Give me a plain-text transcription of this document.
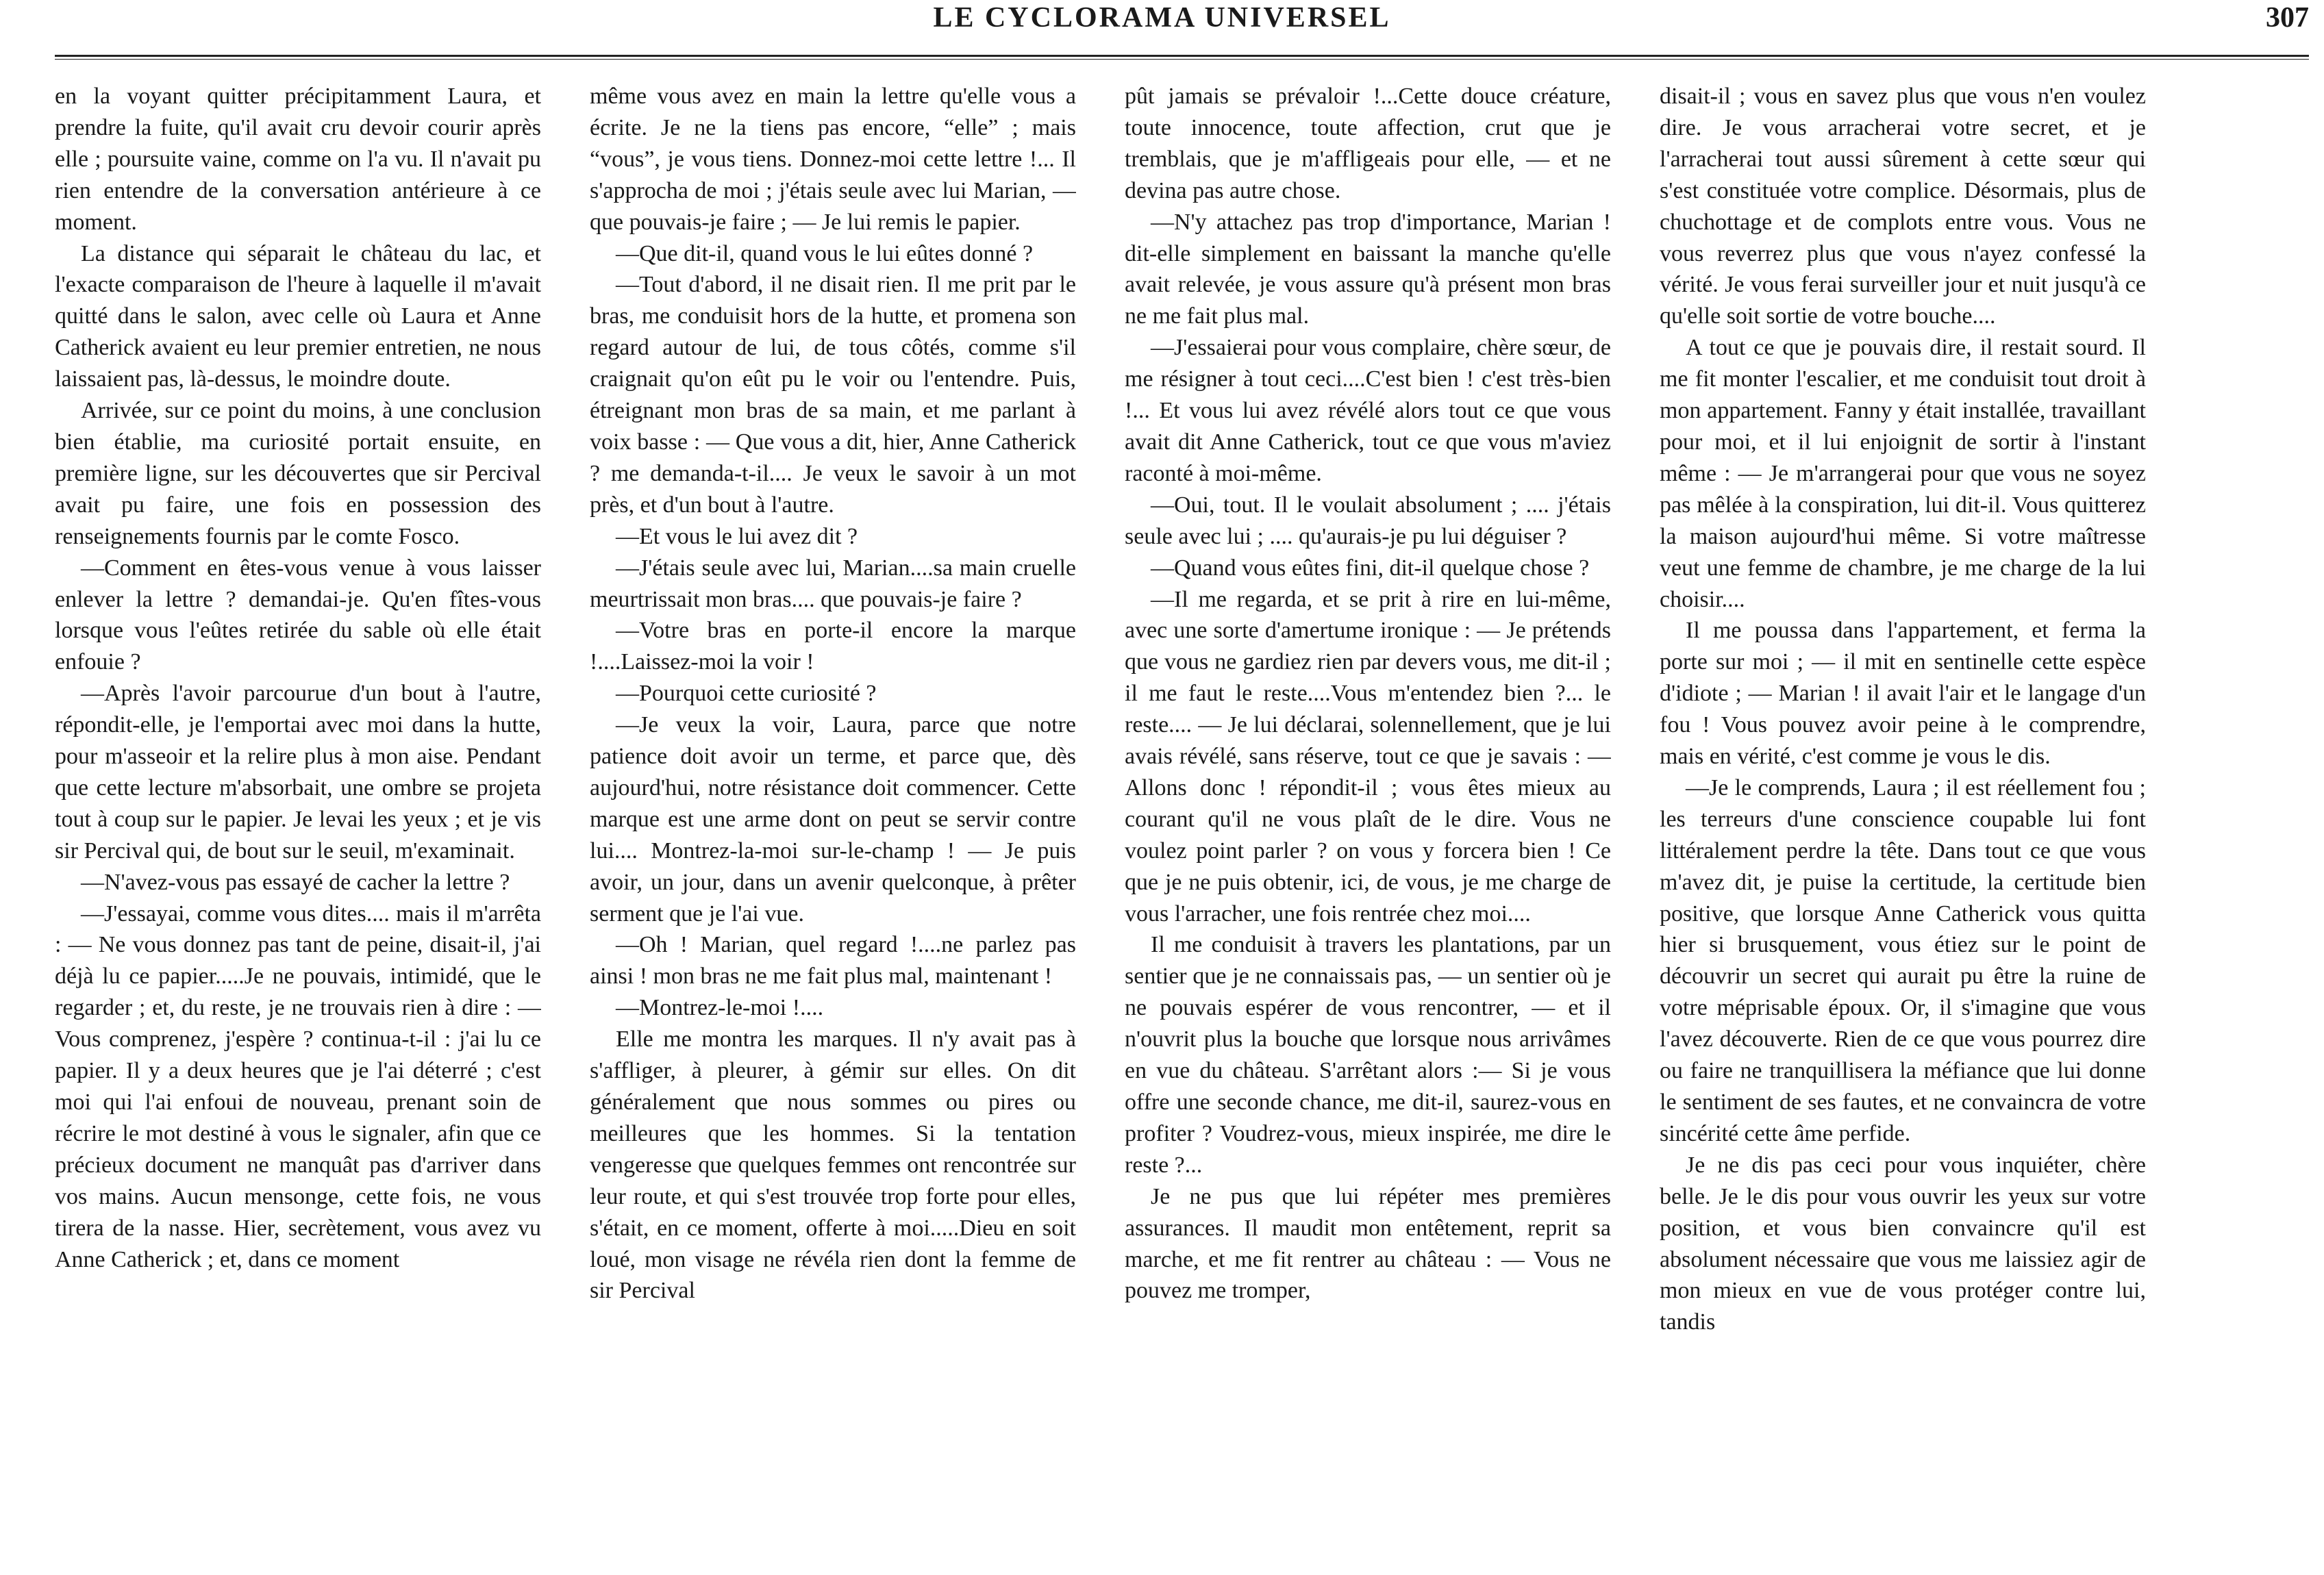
LE CYCLORAMA UNIVERSEL	307

en la voyant quitter précipitamment Laura, et prendre la fuite, qu'il avait cru devoir courir après elle ; poursuite vaine, comme on l'a vu. Il n'avait pu rien entendre de la conversation antérieure à ce moment.

La distance qui séparait le château du lac, et l'exacte comparaison de l'heure à laquelle il m'avait quitté dans le salon, avec celle où Laura et Anne Catherick avaient eu leur premier entretien, ne nous laissaient pas, là-dessus, le moindre doute.

Arrivée, sur ce point du moins, à une conclusion bien établie, ma curiosité portait ensuite, en première ligne, sur les découvertes que sir Percival avait pu faire, une fois en possession des renseignements fournis par le comte Fosco.

—Comment en êtes-vous venue à vous laisser enlever la lettre ? demandai-je. Qu'en fîtes-vous lorsque vous l'eûtes retirée du sable où elle était enfouie ?

—Après l'avoir parcourue d'un bout à l'autre, répondit-elle, je l'emportai avec moi dans la hutte, pour m'asseoir et la relire plus à mon aise. Pendant que cette lecture m'absorbait, une ombre se projeta tout à coup sur le papier. Je levai les yeux ; et je vis sir Percival qui, de bout sur le seuil, m'examinait.

—N'avez-vous pas essayé de cacher la lettre ?

—J'essayai, comme vous dites.... mais il m'arrêta : — Ne vous donnez pas tant de peine, disait-il, j'ai déjà lu ce papier.....Je ne pouvais, intimidé, que le regarder ; et, du reste, je ne trouvais rien à dire : — Vous comprenez, j'espère ? continua-t-il : j'ai lu ce papier. Il y a deux heures que je l'ai déterré ; c'est moi qui l'ai enfoui de nouveau, prenant soin de récrire le mot destiné à vous le signaler, afin que ce précieux document ne manquât pas d'arriver dans vos mains. Aucun mensonge, cette fois, ne vous tirera de la nasse. Hier, secrètement, vous avez vu Anne Catherick ; et, dans ce moment

même vous avez en main la lettre qu'elle vous a écrite. Je ne la tiens pas encore, “elle” ; mais “vous”, je vous tiens. Donnez-moi cette lettre !... Il s'approcha de moi ; j'étais seule avec lui Marian, — que pouvais-je faire ; — Je lui remis le papier.

—Que dit-il, quand vous le lui eûtes donné ?

—Tout d'abord, il ne disait rien. Il me prit par le bras, me conduisit hors de la hutte, et promena son regard autour de lui, de tous côtés, comme s'il craignait qu'on eût pu le voir ou l'entendre. Puis, étreignant mon bras de sa main, et me parlant à voix basse : — Que vous a dit, hier, Anne Catherick ? me demanda-t-il.... Je veux le savoir à un mot près, et d'un bout à l'autre.

—Et vous le lui avez dit ?

—J'étais seule avec lui, Marian....sa main cruelle meurtrissait mon bras.... que pouvais-je faire ?

—Votre bras en porte-il encore la marque !....Laissez-moi la voir !

—Pourquoi cette curiosité ?

—Je veux la voir, Laura, parce que notre patience doit avoir un terme, et parce que, dès aujourd'hui, notre résistance doit commencer. Cette marque est une arme dont on peut se servir contre lui.... Montrez-la-moi sur-le-champ ! — Je puis avoir, un jour, dans un avenir quelconque, à prêter serment que je l'ai vue.

—Oh ! Marian, quel regard !....ne parlez pas ainsi ! mon bras ne me fait plus mal, maintenant !

—Montrez-le-moi !....

Elle me montra les marques. Il n'y avait pas à s'affliger, à pleurer, à gémir sur elles. On dit généralement que nous sommes ou pires ou meilleures que les hommes. Si la tentation vengeresse que quelques femmes ont rencontrée sur leur route, et qui s'est trouvée trop forte pour elles, s'était, en ce moment, offerte à moi.....Dieu en soit loué, mon visage ne révéla rien dont la femme de sir Percival

pût jamais se prévaloir !...Cette douce créature, toute innocence, toute affection, crut que je tremblais, que je m'affligeais pour elle, — et ne devina pas autre chose.

—N'y attachez pas trop d'importance, Marian ! dit-elle simplement en baissant la manche qu'elle avait relevée, je vous assure qu'à présent mon bras ne me fait plus mal.

—J'essaierai pour vous complaire, chère sœur, de me résigner à tout ceci....C'est bien ! c'est très-bien !... Et vous lui avez révélé alors tout ce que vous avait dit Anne Catherick, tout ce que vous m'aviez raconté à moi-même.

—Oui, tout. Il le voulait absolument ; .... j'étais seule avec lui ; .... qu'aurais-je pu lui déguiser ?

—Quand vous eûtes fini, dit-il quelque chose ?

—Il me regarda, et se prit à rire en lui-même, avec une sorte d'amertume ironique : — Je prétends que vous ne gardiez rien par devers vous, me dit-il ; il me faut le reste....Vous m'entendez bien ?... le reste.... — Je lui déclarai, solennellement, que je lui avais révélé, sans réserve, tout ce que je savais : — Allons donc ! répondit-il ; vous êtes mieux au courant qu'il ne vous plaît de le dire. Vous ne voulez point parler ? on vous y forcera bien ! Ce que je ne puis obtenir, ici, de vous, je me charge de vous l'arracher, une fois rentrée chez moi....

Il me conduisit à travers les plantations, par un sentier que je ne connaissais pas, — un sentier où je ne pouvais espérer de vous rencontrer, — et il n'ouvrit plus la bouche que lorsque nous arrivâmes en vue du château. S'arrêtant alors :— Si je vous offre une seconde chance, me dit-il, saurez-vous en profiter ? Voudrez-vous, mieux inspirée, me dire le reste ?...

Je ne pus que lui répéter mes premières assurances. Il maudit mon entêtement, reprit sa marche, et me fit rentrer au château : — Vous ne pouvez me tromper,

disait-il ; vous en savez plus que vous n'en voulez dire. Je vous arracherai votre secret, et je l'arracherai tout aussi sûrement à cette sœur qui s'est constituée votre complice. Désormais, plus de chuchottage et de complots entre vous. Vous ne vous reverrez plus que vous n'ayez confessé la vérité. Je vous ferai surveiller jour et nuit jusqu'à ce qu'elle soit sortie de votre bouche....

A tout ce que je pouvais dire, il restait sourd. Il me fit monter l'escalier, et me conduisit tout droit à mon appartement. Fanny y était installée, travaillant pour moi, et il lui enjoignit de sortir à l'instant même : — Je m'arrangerai pour que vous ne soyez pas mêlée à la conspiration, lui dit-il. Vous quitterez la maison aujourd'hui même. Si votre maîtresse veut une femme de chambre, je me charge de la lui choisir....

Il me poussa dans l'appartement, et ferma la porte sur moi ; — il mit en sentinelle cette espèce d'idiote ; — Marian ! il avait l'air et le langage d'un fou ! Vous pouvez avoir peine à le comprendre, mais en vérité, c'est comme je vous le dis.

—Je le comprends, Laura ; il est réellement fou ; les terreurs d'une conscience coupable lui font littéralement perdre la tête. Dans tout ce que vous m'avez dit, je puise la certitude, la certitude bien positive, que lorsque Anne Catherick vous quitta hier si brusquement, vous étiez sur le point de découvrir un secret qui aurait pu être la ruine de votre méprisable époux. Or, il s'imagine que vous l'avez découverte. Rien de ce que vous pourrez dire ou faire ne tranquillisera la méfiance que lui donne le sentiment de ses fautes, et ne convaincra de votre sincérité cette âme perfide.

Je ne dis pas ceci pour vous inquiéter, chère belle. Je le dis pour vous ouvrir les yeux sur votre position, et vous bien convaincre qu'il est absolument nécessaire que vous me laissiez agir de mon mieux en vue de vous protéger contre lui, tandis
